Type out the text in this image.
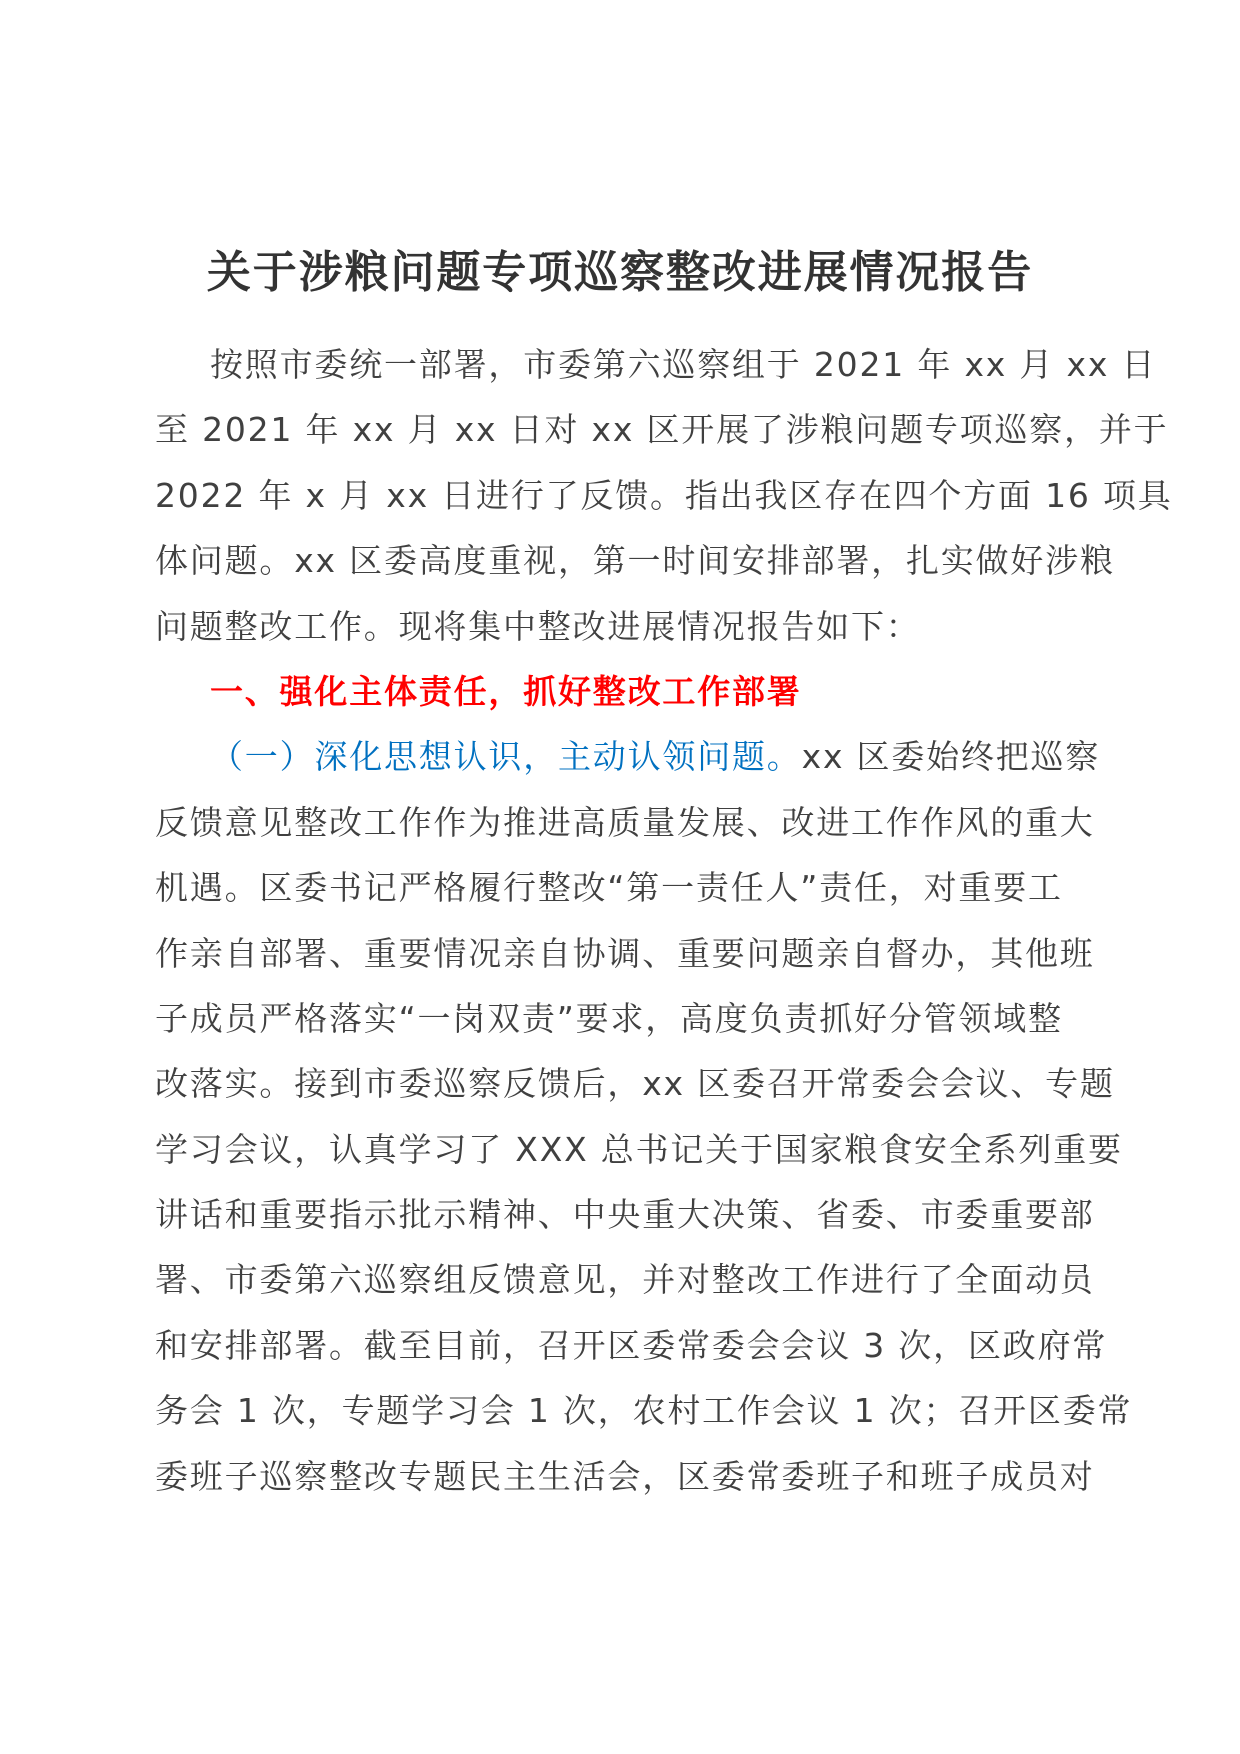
关于涉粮问题专项巡察整改进展情况报告
按照市委统一部署，市委第六巡察组于 2021 年 xx 月 xx 日
至 2021 年 xx 月 xx 日对 xx 区开展了涉粮问题专项巡察，并于
2022 年 x 月 xx 日进行了反馈。指出我区存在四个方面 16 项具
体问题。xx 区委高度重视，第一时间安排部署，扎实做好涉粮
问题整改工作。现将集中整改进展情况报告如下：
一、强化主体责任，抓好整改工作部署
（一）深化思想认识，主动认领问题。xx 区委始终把巡察
反馈意见整改工作作为推进高质量发展、改进工作作风的重大
机遇。区委书记严格履行整改“第一责任人”责任，对重要工
作亲自部署、重要情况亲自协调、重要问题亲自督办，其他班
子成员严格落实“一岗双责”要求，高度负责抓好分管领域整
改落实。接到市委巡察反馈后，xx 区委召开常委会会议、专题
学习会议，认真学习了 XXX 总书记关于国家粮食安全系列重要
讲话和重要指示批示精神、中央重大决策、省委、市委重要部
署、市委第六巡察组反馈意见，并对整改工作进行了全面动员
和安排部署。截至目前，召开区委常委会会议 3 次，区政府常
务会 1 次，专题学习会 1 次，农村工作会议 1 次；召开区委常
委班子巡察整改专题民主生活会，区委常委班子和班子成员对
